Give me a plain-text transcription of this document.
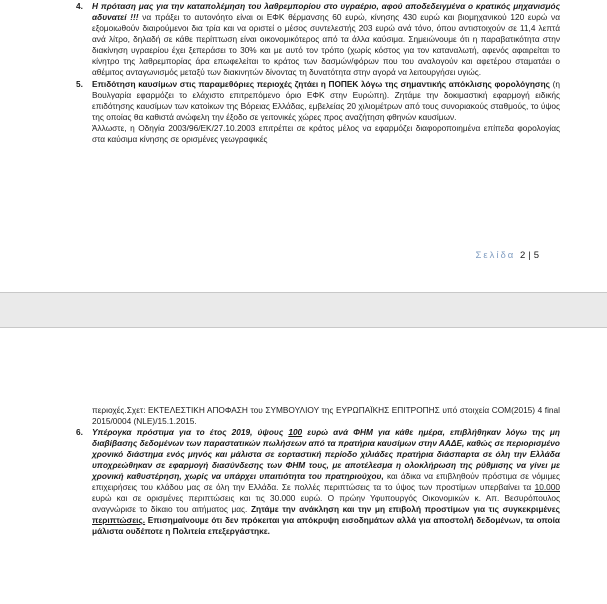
4. Η πρόταση μας για την καταπολέμηση του λαθρεμπορίου στο υγραέριο, αφού αποδεδειγμένα ο κρατικός μηχανισμός αδυνατεί !!! να πράξει το αυτονόητο είναι οι ΕΦΚ θέρμανσης 60 ευρώ, κίνησης 430 ευρώ και βιομηχανικού 120 ευρώ να εξομοιωθούν διαιρούμενοι δια τρία και να οριστεί ο μέσος συντελεστής 203 ευρώ ανά τόνο, όπου αντιστοιχούν σε 11,4 λεπτά ανά λίτρο, δηλαδή σε κάθε περίπτωση είναι οικονομικότερος από τα άλλα καύσιμα. Σημειώνουμε ότι η παραβατικότητα στην διακίνηση υγραερίου έχει ξεπεράσει το 30% και με αυτό τον τρόπο (χωρίς κόστος για τον καταναλωτή, αφενός αφαιρείται το κίνητρο της λαθρεμπορίας άρα επωφελείται το κράτος των δασμών/φόρων που του αναλογούν και αφετέρου σταματάει ο αθέμιτος ανταγωνισμός μεταξύ των διακινητών δίνοντας τη δυνατότητα στην αγορά να λειτουργήσει υγιώς.

5. Επιδότηση καυσίμων στις παραμεθόριες περιοχές ζητάει η ΠΟΠΕΚ λόγω της σημαντικής απόκλισης φορολόγησης (η Βουλγαρία εφαρμόζει το ελάχιστο επιτρεπόμενο όριο ΕΦΚ στην Ευρώπη). Ζητάμε την δοκιμαστική εφαρμογή ειδικής επιδότησης καυσίμων των κατοίκων της Βόρειας Ελλάδας, εμβελείας 20 χιλιομέτρων από τους συνοριακούς σταθμούς, το ύψος της οποίας θα καθιστά ανώφελη την έξοδο σε γειτονικές χώρες προς αναζήτηση φθηνών καυσίμων.

Άλλωστε, η Οδηγία 2003/96/ΕΚ/27.10.2003 επιτρέπει σε κράτος μέλος να εφαρμόζει διαφοροποιημένα επίπεδα φορολογίας στα καύσιμα κίνησης σε ορισμένες γεωγραφικές

Σελίδα 2 | 5

περιοχές.Σχετ: ΕΚΤΕΛΕΣΤΙΚΗ ΑΠΟΦΑΣΗ του ΣΥΜΒΟΥΛΙΟΥ της ΕΥΡΩΠΑΪΚΗΣ ΕΠΙΤΡΟΠΗΣ υπό στοιχεία COM(2015) 4 final 2015/0004 (NLE)/15.1.2015.

6. Υπέρογκα πρόστιμα για το έτος 2019, ύψους 100 ευρώ ανά ΦΗΜ για κάθε ημέρα, επιβλήθηκαν λόγω της μη διαβίβασης δεδομένων των παραστατικών πωλήσεων από τα πρατήρια καυσίμων στην ΑΑΔΕ, καθώς σε περιορισμένο χρονικό διάστημα ενός μηνός και μάλιστα σε εορταστική περίοδο χιλιάδες πρατήρια διάσπαρτα σε όλη την Ελλάδα υποχρεώθηκαν σε εφαρμογή διασύνδεσης των ΦΗΜ τους, με αποτέλεσμα η ολοκλήρωση της ρύθμισης να γίνει με χρονική καθυστέρηση, χωρίς να υπάρχει υπαιτιότητα του πρατηριούχου, και άδικα να επιβληθούν πρόστιμα σε νόμιμες επιχειρήσεις του κλάδου μας σε όλη την Ελλάδα. Σε πολλές περιπτώσεις τα το ύψος των προστίμων υπερβαίνει τα 10.000 ευρώ και σε ορισμένες περιπτώσεις και τις 30.000 ευρώ. Ο πρώην Υφυπουργός Οικονομικών κ. Απ. Βεσυρόπουλος αναγνώρισε το δίκαιο του αιτήματος μας. Ζητάμε την ανάκληση και την μη επιβολή προστίμων για τις συγκεκριμένες περιπτώσεις. Επισημαίνουμε ότι δεν πρόκειται για απόκρυψη εισοδημάτων αλλά για αποστολή δεδομένων, τα οποία μάλιστα ουδέποτε η Πολιτεία επεξεργάστηκε.
